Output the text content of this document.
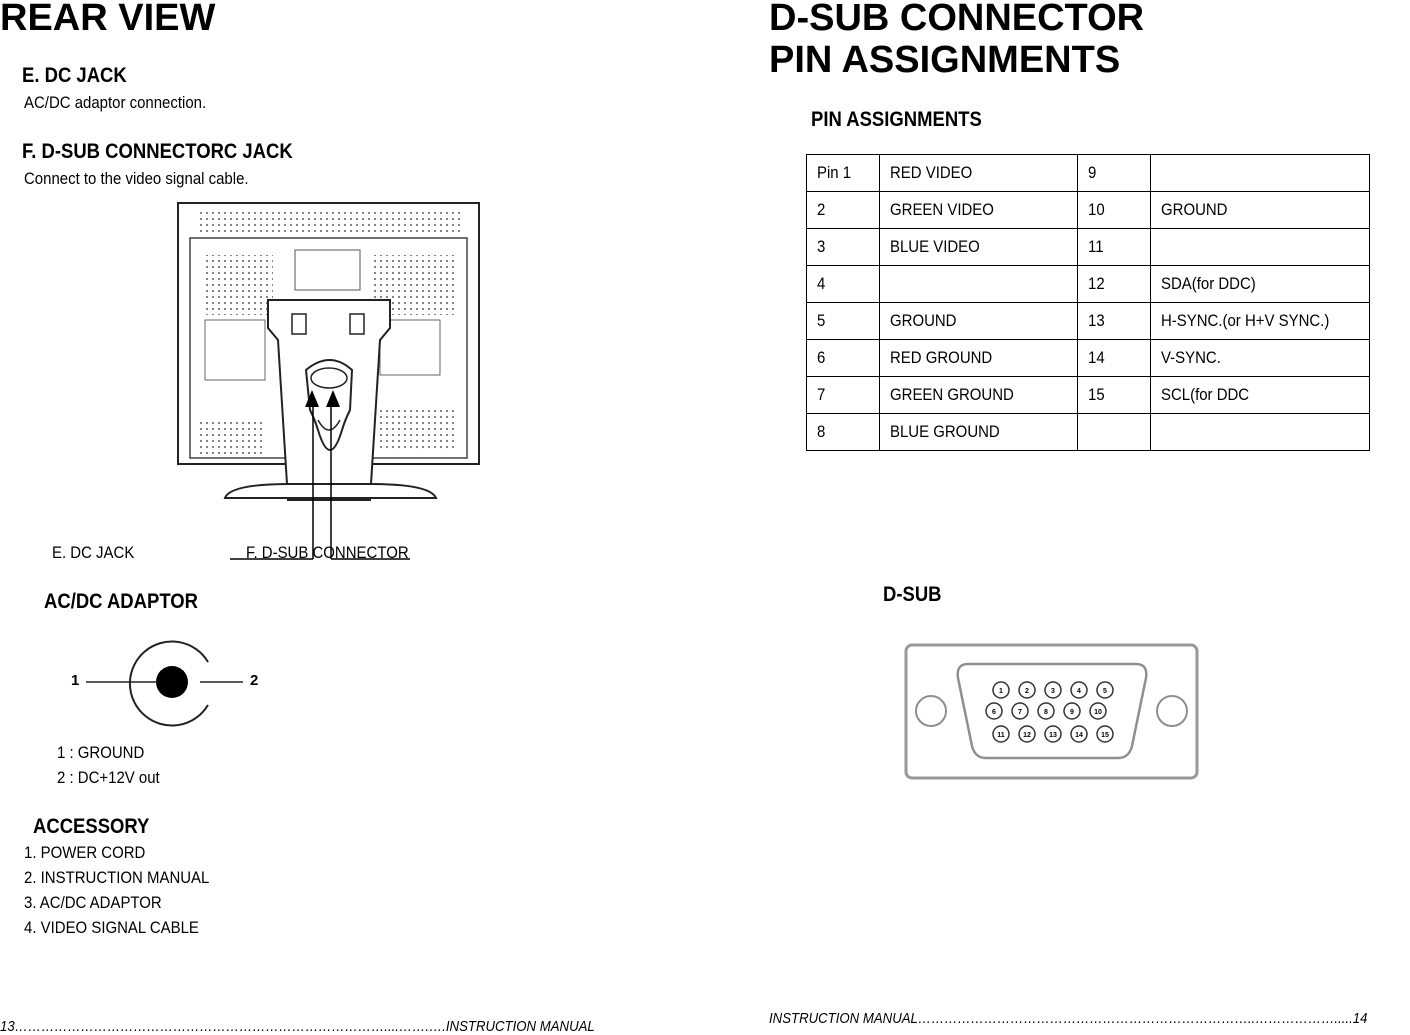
REAR VIEW
E. DC JACK
AC/DC adaptor connection.
F. D-SUB CONNECTORC JACK
Connect to the video signal cable.
E. DC JACK	F. D-SUB CONNECTOR
AC/DC ADAPTOR
1	2
1 : GROUND
2 : DC+12V out
ACCESSORY
1. POWER CORD
2. INSTRUCTION MANUAL
3. AC/DC ADAPTOR
4. VIDEO SIGNAL CABLE
13…………………………………………………………………………....…….….INSTRUCTION MANUAL
D-SUB CONNECTOR
PIN ASSIGNMENTS
PIN ASSIGNMENTS
Pin 1	RED VIDEO	9	
2	GREEN VIDEO	10	GROUND
3	BLUE VIDEO	11	
4		12	SDA(for DDC)
5	GROUND	13	H-SYNC.(or H+V SYNC.)
6	RED GROUND	14	V-SYNC.
7	GREEN GROUND	15	SCL(for DDC
8	BLUE GROUND		
D-SUB
1	2	3	4	5
6	7	8	9	10
11	12	13	14	15
INSTRUCTION MANUAL…………………………………………………………………..……………….....14
